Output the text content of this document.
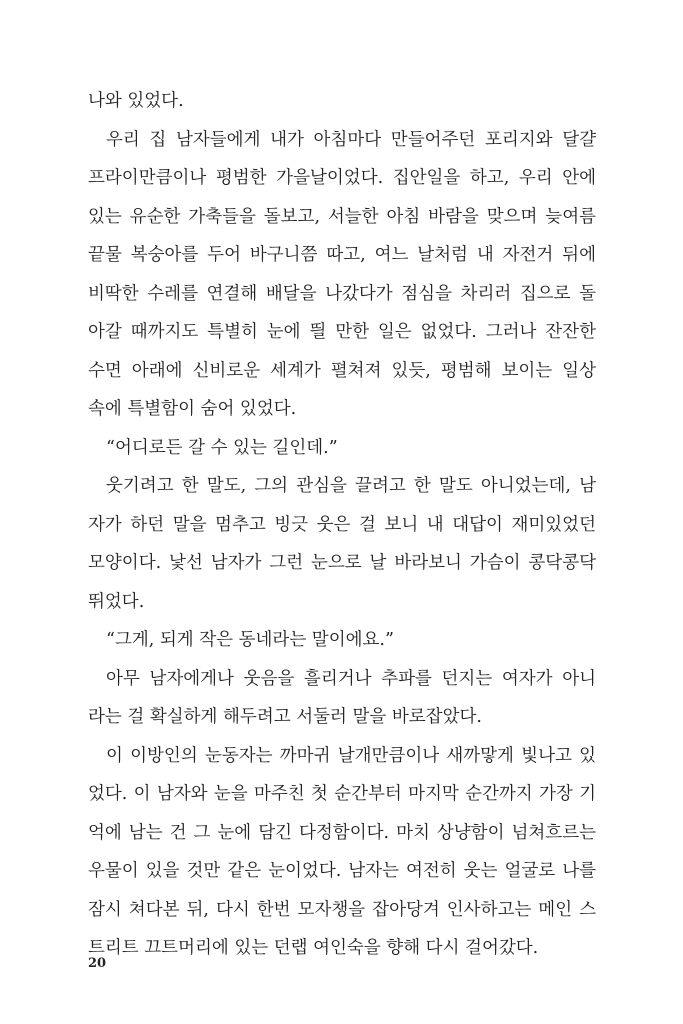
나와 있었다.
우리 집 남자들에게 내가 아침마다 만들어주던 포리지와 달걀
프라이만큼이나 평범한 가을날이었다. 집안일을 하고, 우리 안에
있는 유순한 가축들을 돌보고, 서늘한 아침 바람을 맞으며 늦여름
끝물 복숭아를 두어 바구니쯤 따고, 여느 날처럼 내 자전거 뒤에
비딱한 수레를 연결해 배달을 나갔다가 점심을 차리러 집으로 돌
아갈 때까지도 특별히 눈에 띌 만한 일은 없었다. 그러나 잔잔한
수면 아래에 신비로운 세계가 펼쳐져 있듯, 평범해 보이는 일상
속에 특별함이 숨어 있었다.
“어디로든 갈 수 있는 길인데.”
웃기려고 한 말도, 그의 관심을 끌려고 한 말도 아니었는데, 남
자가 하던 말을 멈추고 빙긋 웃은 걸 보니 내 대답이 재미있었던
모양이다. 낯선 남자가 그런 눈으로 날 바라보니 가슴이 콩닥콩닥
뛰었다.
“그게, 되게 작은 동네라는 말이에요.”
아무 남자에게나 웃음을 흘리거나 추파를 던지는 여자가 아니
라는 걸 확실하게 해두려고 서둘러 말을 바로잡았다.
이 이방인의 눈동자는 까마귀 날개만큼이나 새까맣게 빛나고 있
었다. 이 남자와 눈을 마주친 첫 순간부터 마지막 순간까지 가장 기
억에 남는 건 그 눈에 담긴 다정함이다. 마치 상냥함이 넘쳐흐르는
우물이 있을 것만 같은 눈이었다. 남자는 여전히 웃는 얼굴로 나를
잠시 쳐다본 뒤, 다시 한번 모자챙을 잡아당겨 인사하고는 메인 스
트리트 끄트머리에 있는 던랩 여인숙을 향해 다시 걸어갔다.
20
